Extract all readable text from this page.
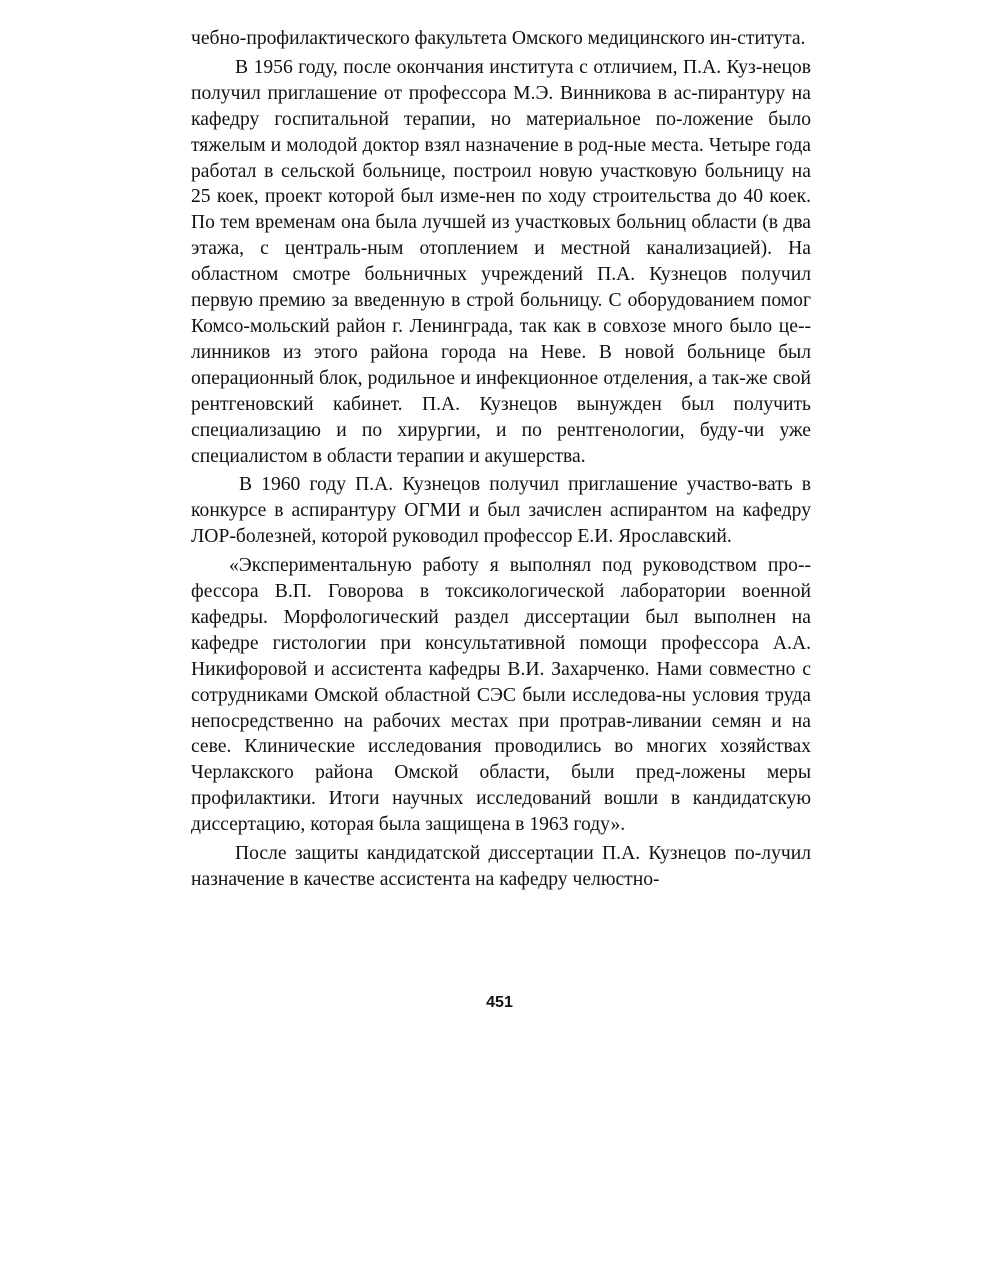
чебно-профилактического факультета Омского медицинского ин-ститута.

В 1956 году, после окончания института с отличием, П.А. Куз-нецов получил приглашение от профессора М.Э. Винникова в ас-пирантуру на кафедру госпитальной терапии, но материальное по-ложение было тяжелым и молодой доктор взял назначение в род-ные места. Четыре года работал в сельской больнице, построил новую участковую больницу на 25 коек, проект которой был изме-нен по ходу строительства до 40 коек. По тем временам она была лучшей из участковых больниц области (в два этажа, с централь-ным отоплением и местной канализацией). На областном смотре больничных учреждений П.А. Кузнецов получил первую премию за введенную в строй больницу. С оборудованием помог Комсо-мольский район г. Ленинграда, так как в совхозе много было це-линников из этого района города на Неве. В новой больнице был операционный блок, родильное и инфекционное отделения, а так-же свой рентгеновский кабинет. П.А. Кузнецов вынужден был получить специализацию и по хирургии, и по рентгенологии, буду-чи уже специалистом в области терапии и акушерства.

В 1960 году П.А. Кузнецов получил приглашение участво-вать в конкурсе в аспирантуру ОГМИ и был зачислен аспирантом на кафедру ЛОР-болезней, которой руководил профессор Е.И. Ярославский.

«Экспериментальную работу я выполнял под руководством про-фессора В.П. Говорова в токсикологической лаборатории военной кафедры. Морфологический раздел диссертации был выполнен на кафедре гистологии при консультативной помощи профессора А.А. Никифоровой и ассистента кафедры В.И. Захарченко. Нами совместно с сотрудниками Омской областной СЭС были исследова-ны условия труда непосредственно на рабочих местах при протрав-ливании семян и на севе. Клинические исследования проводились во многих хозяйствах Черлакского района Омской области, были пред-ложены меры профилактики. Итоги научных исследований вошли в кандидатскую диссертацию, которая была защищена в 1963 году».

После защиты кандидатской диссертации П.А. Кузнецов по-лучил назначение в качестве ассистента на кафедру челюстно-

451
